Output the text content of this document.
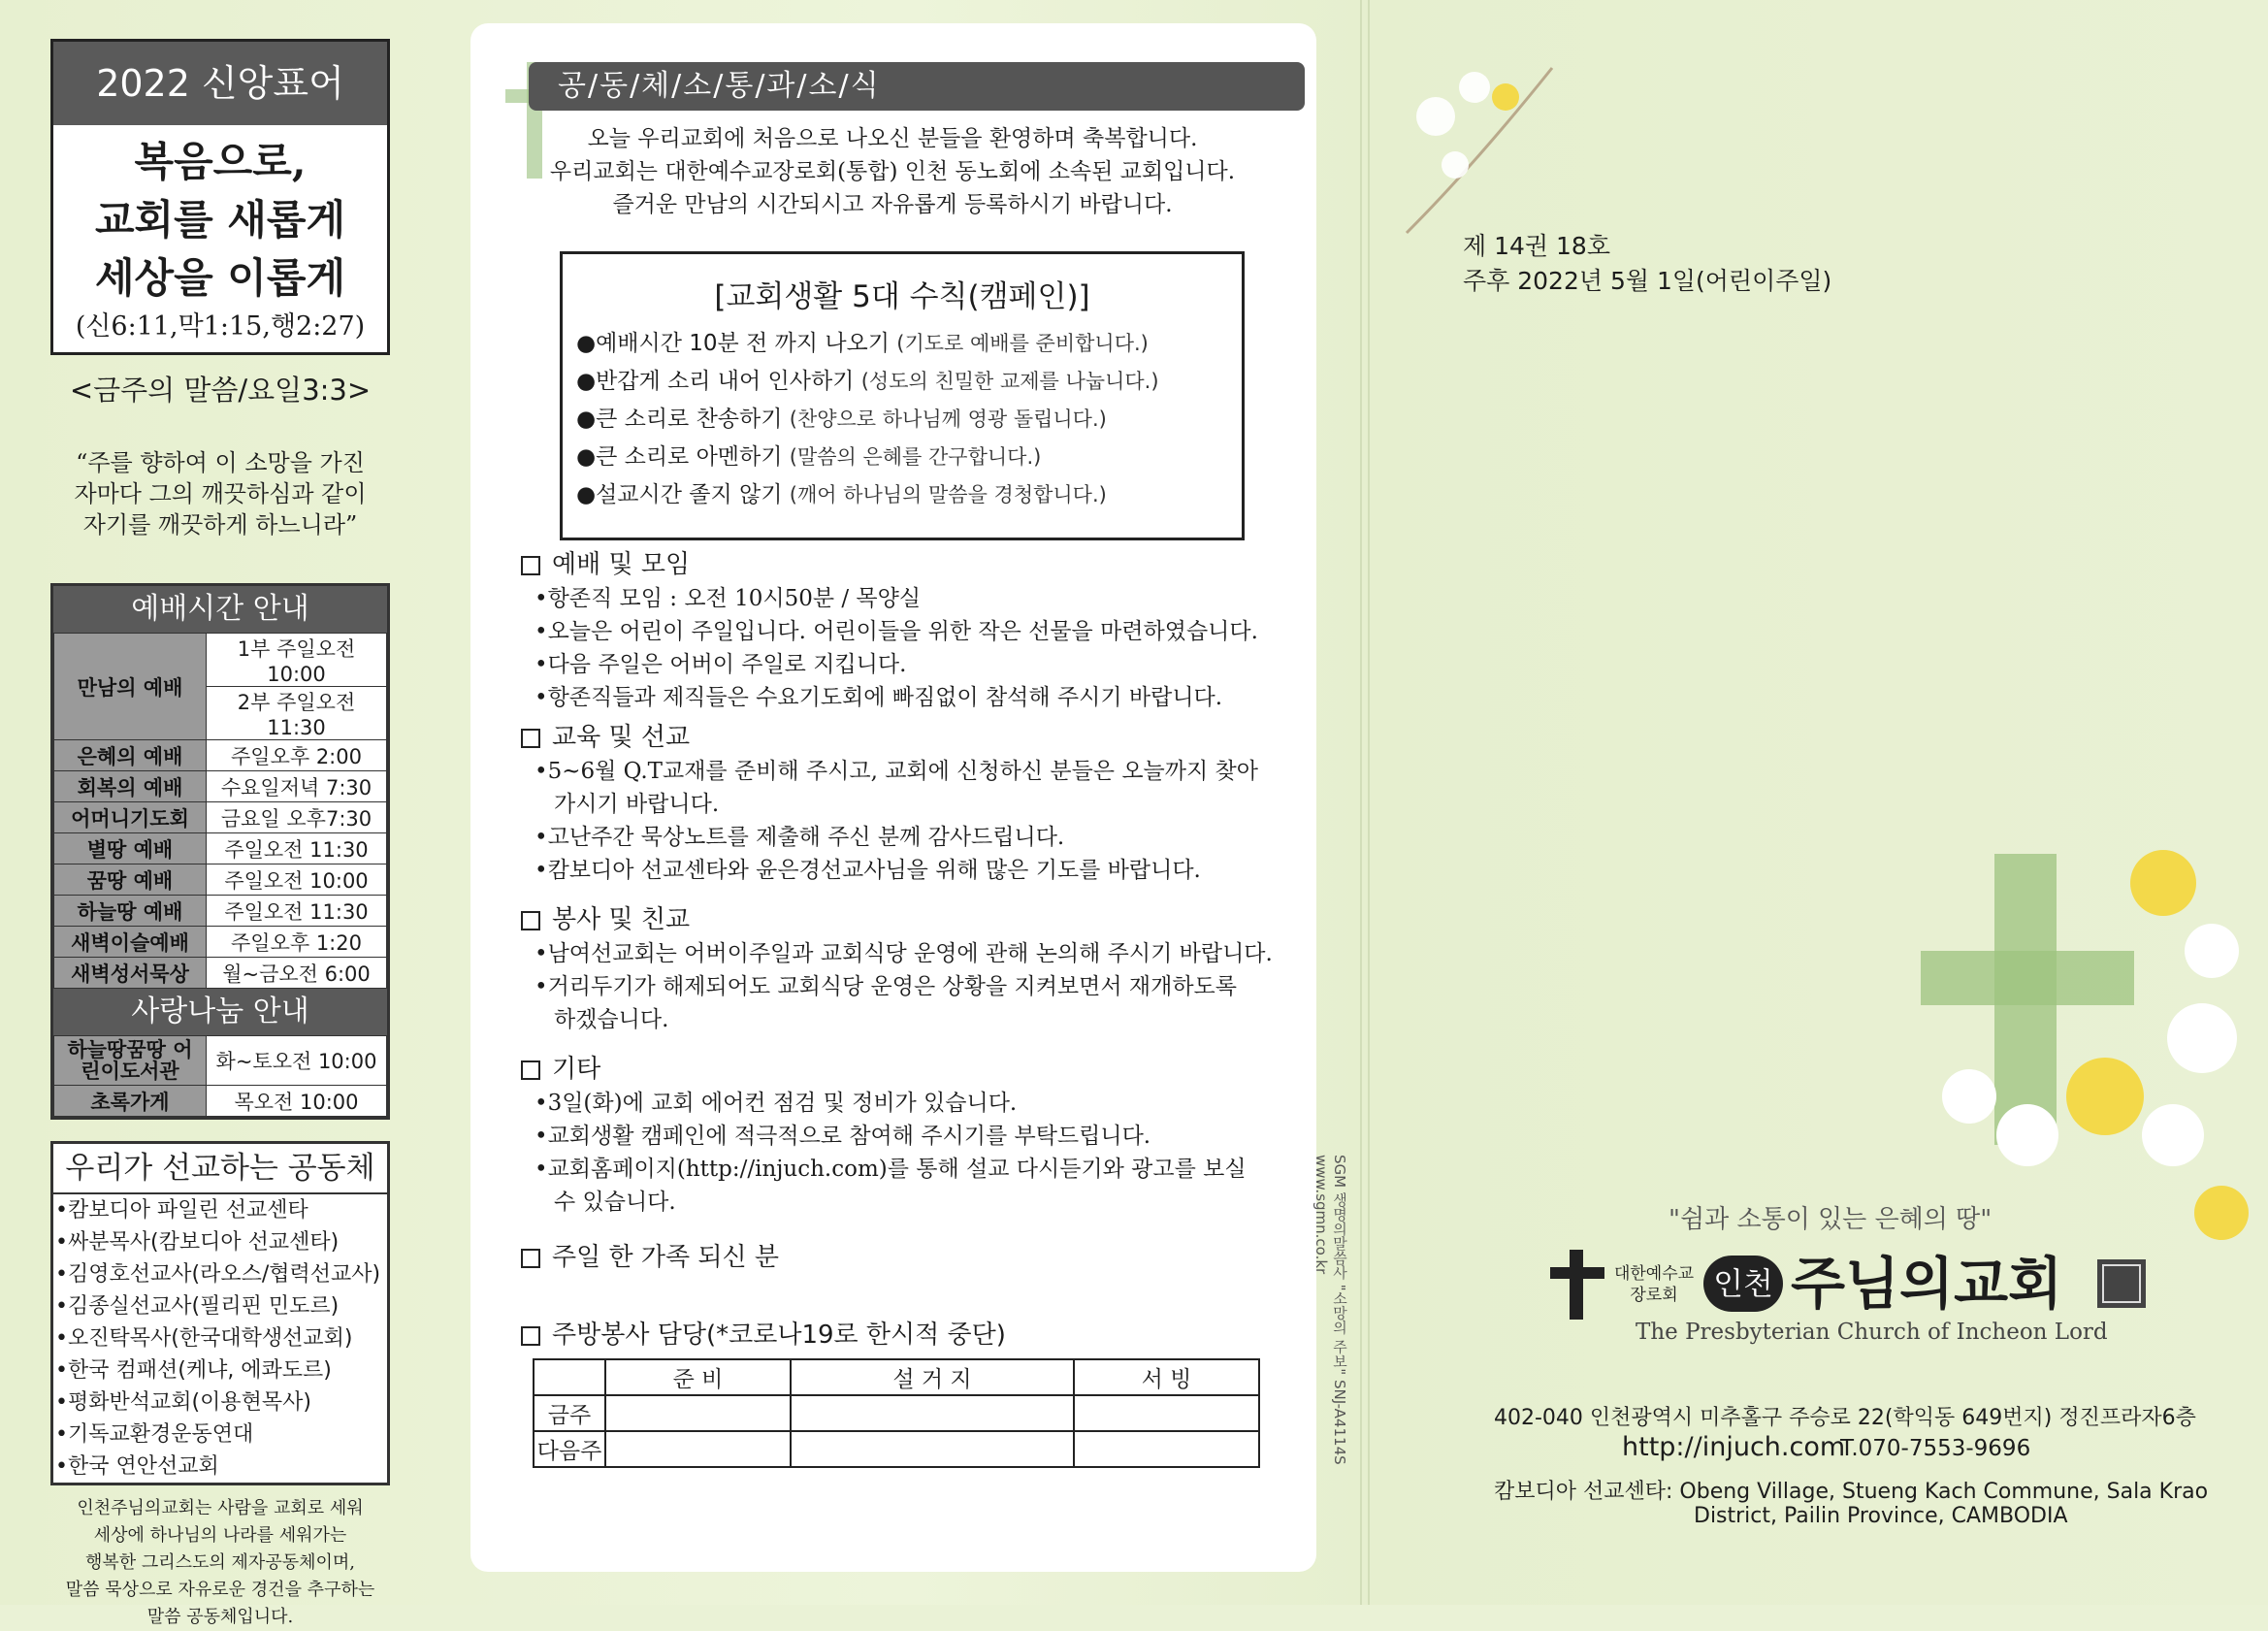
2022 신앙표어
복음으로,
교회를 새롭게
세상을 이롭게
(신6:11,막1:15,행2:27)
<금주의 말씀/요일3:3>
“주를 향하여 이 소망을 가진
자마다 그의 깨끗하심과 같이
자기를 깨끗하게 하느니라”
예배시간 안내
만남의 예배	1부 주일오전10:00
	2부 주일오전11:30
은혜의 예배	주일오후 2:00
회복의 예배	수요일저녁 7:30
어머니기도회	금요일 오후7:30
별땅 예배	주일오전 11:30
꿈땅 예배	주일오전 10:00
하늘땅 예배	주일오전 11:30
새벽이슬예배	주일오후 1:20
새벽성서묵상	월~금오전 6:00
사랑나눔 안내
하늘땅꿈땅 어린이도서관	화~토오전 10:00
초록가게	목오전 10:00
우리가 선교하는 공동체
•캄보디아 파일린 선교센타
•싸분목사(캄보디아 선교센타)
•김영호선교사(라오스/협력선교사)
•김종실선교사(필리핀 민도르)
•오진탁목사(한국대학생선교회)
•한국 컴패션(케냐, 에콰도르)
•평화반석교회(이용현목사)
•기독교환경운동연대
•한국 연안선교회
인천주님의교회는 사람을 교회로 세워
세상에 하나님의 나라를 세워가는
행복한 그리스도의 제자공동체이며,
말씀 묵상으로 자유로운 경건을 추구하는
말씀 공동체입니다.
공/동/체/소/통/과/소/식
오늘 우리교회에 처음으로 나오신 분들을 환영하며 축복합니다.
우리교회는 대한예수교장로회(통합) 인천 동노회에 소속된 교회입니다.
즐거운 만남의 시간되시고 자유롭게 등록하시기 바랍니다.
[교회생활 5대 수칙(캠페인)]
●예배시간 10분 전 까지 나오기 (기도로 예배를 준비합니다.)
●반갑게 소리 내어 인사하기 (성도의 친밀한 교제를 나눕니다.)
●큰 소리로 찬송하기 (찬양으로 하나님께 영광 돌립니다.)
●큰 소리로 아멘하기 (말씀의 은혜를 간구합니다.)
●설교시간 졸지 않기 (깨어 하나님의 말씀을 경청합니다.)
예배 및 모임
•항존직 모임 : 오전 10시50분 / 목양실
•오늘은 어린이 주일입니다. 어린이들을 위한 작은 선물을 마련하였습니다.
•다음 주일은 어버이 주일로 지킵니다.
•항존직들과 제직들은 수요기도회에 빠짐없이 참석해 주시기 바랍니다.
교육 및 선교
•5~6월 Q.T교재를 준비해 주시고, 교회에 신청하신 분들은 오늘까지 찾아
가시기 바랍니다.
•고난주간 묵상노트를 제출해 주신 분께 감사드립니다.
•캄보디아 선교센타와 윤은경선교사님을 위해 많은 기도를 바랍니다.
봉사 및 친교
•남여선교회는 어버이주일과 교회식당 운영에 관해 논의해 주시기 바랍니다.
•거리두기가 해제되어도 교회식당 운영은 상황을 지켜보면서 재개하도록
하겠습니다.
기타
•3일(화)에 교회 에어컨 점검 및 정비가 있습니다.
•교회생활 캠페인에 적극적으로 참여해 주시기를 부탁드립니다.
•교회홈페이지(http://injuch.com)를 통해 설교 다시듣기와 광고를 보실
수 있습니다.
주일 한 가족 되신 분
주방봉사 담당(*코로나19로 한시적 중단)
	준 비	설 거 지	서 빙
금주			
다음주				SGM 생명의말씀사 "소망의 주보" SNJ-A4114S www.sgmn.co.kr
제 14권 18호
주후 2022년 5월 1일(어린이주일)
"쉼과 소통이 있는 은혜의 땅"
대한예수교
장로회	인천 주님의교회
The Presbyterian Church of Incheon Lord
402-040 인천광역시 미추홀구 주승로 22(학익동 649번지) 정진프라자6층
http://injuch.com
T.070-7553-9696
캄보디아 선교센타: Obeng Village, Stueng Kach Commune, Sala Krao
District, Pailin Province, CAMBODIA
